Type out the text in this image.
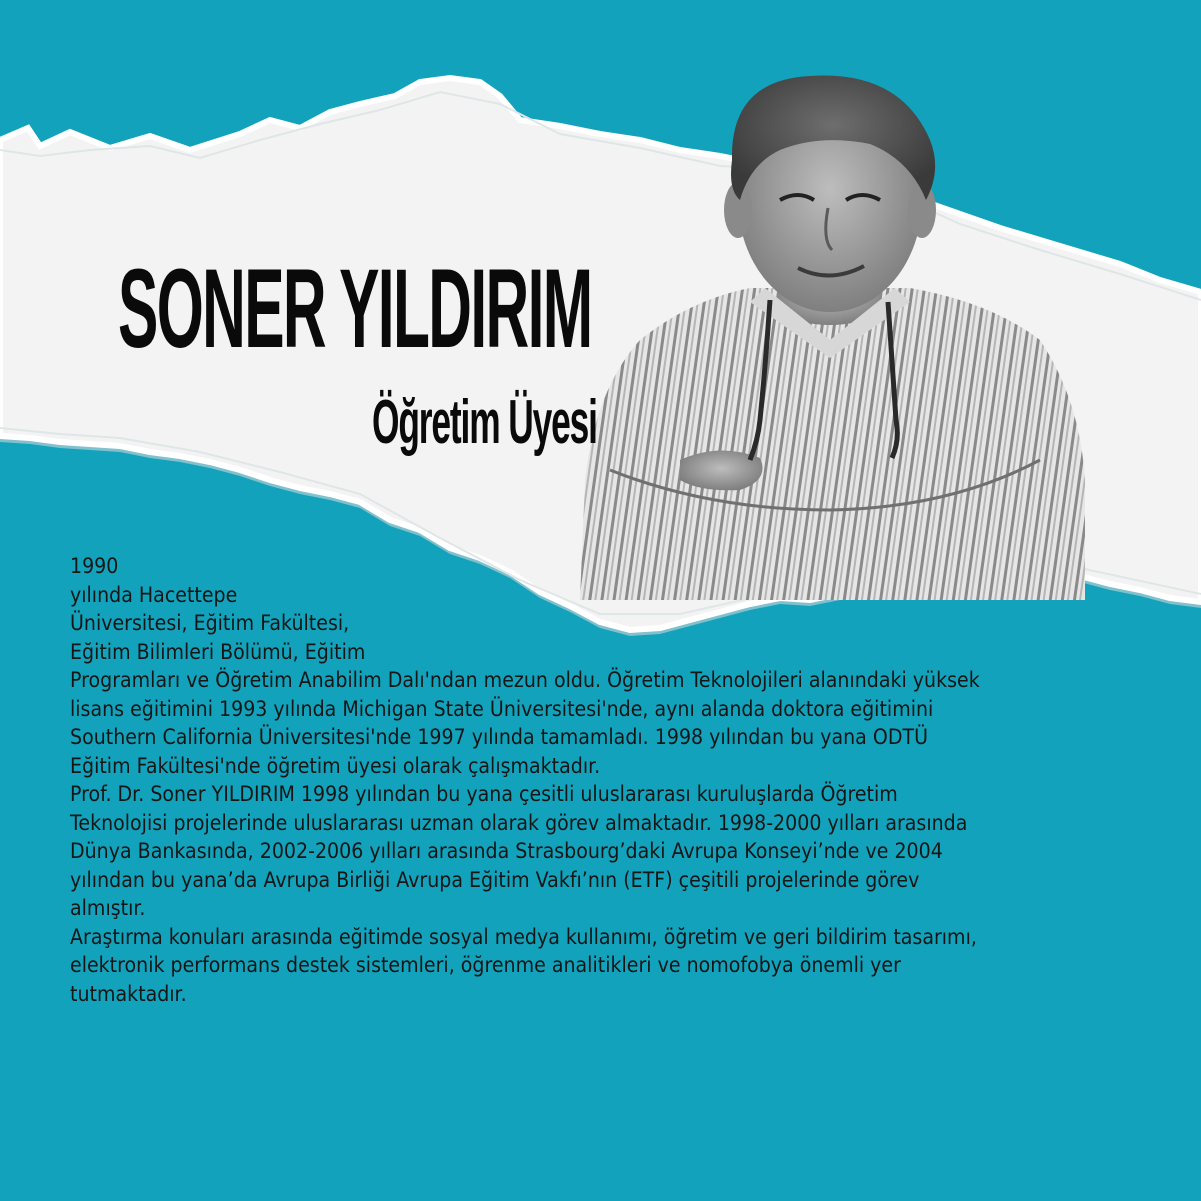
SONER YILDIRIM
Öğretim Üyesi

1990

yılında Hacettepe

Üniversitesi, Eğitim Fakültesi,

Eğitim Bilimleri Bölümü, Eğitim

Programları ve Öğretim Anabilim Dalı'ndan mezun oldu. Öğretim Teknolojileri alanındaki yüksek

lisans eğitimini 1993 yılında Michigan State Üniversitesi'nde, aynı alanda doktora eğitimini

Southern California Üniversitesi'nde 1997 yılında tamamladı. 1998 yılından bu yana ODTÜ

Eğitim Fakültesi'nde öğretim üyesi olarak çalışmaktadır.

Prof. Dr. Soner YILDIRIM 1998 yılından bu yana çesitli uluslararası kuruluşlarda Öğretim

Teknolojisi projelerinde uluslararası uzman olarak görev almaktadır. 1998-2000 yılları arasında

Dünya Bankasında, 2002-2006 yılları arasında Strasbourg’daki Avrupa Konseyi’nde ve 2004

yılından bu yana’da Avrupa Birliği Avrupa Eğitim Vakfı’nın (ETF) çeşitili projelerinde görev

almıştır.

Araştırma konuları arasında eğitimde sosyal medya kullanımı, öğretim ve geri bildirim tasarımı,

elektronik performans destek sistemleri, öğrenme analitikleri ve nomofobya önemli yer

tutmaktadır.
